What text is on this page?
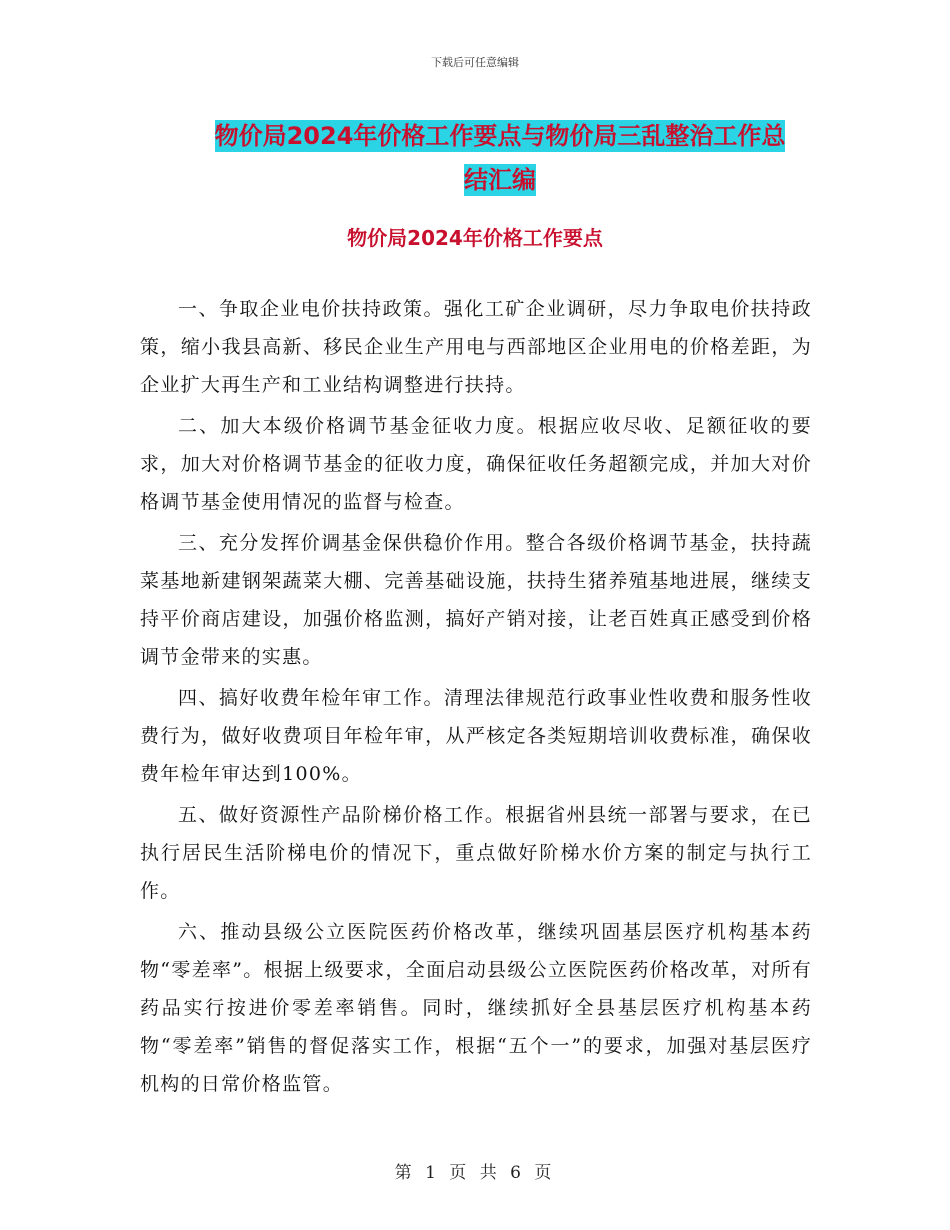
下载后可任意编辑
物价局2024年价格工作要点与物价局三乱整治工作总
结汇编
物价局2024年价格工作要点

一、争取企业电价扶持政策。强化工矿企业调研，尽力争取电价扶持政策，缩小我县高新、移民企业生产用电与西部地区企业用电的价格差距，为企业扩大再生产和工业结构调整进行扶持。

二、加大本级价格调节基金征收力度。根据应收尽收、足额征收的要求，加大对价格调节基金的征收力度，确保征收任务超额完成，并加大对价格调节基金使用情况的监督与检查。

三、充分发挥价调基金保供稳价作用。整合各级价格调节基金，扶持蔬菜基地新建钢架蔬菜大棚、完善基础设施，扶持生猪养殖基地进展，继续支持平价商店建设，加强价格监测，搞好产销对接，让老百姓真正感受到价格调节金带来的实惠。

四、搞好收费年检年审工作。清理法律规范行政事业性收费和服务性收费行为，做好收费项目年检年审，从严核定各类短期培训收费标准，确保收费年检年审达到100%。

五、做好资源性产品阶梯价格工作。根据省州县统一部署与要求，在已执行居民生活阶梯电价的情况下，重点做好阶梯水价方案的制定与执行工作。

六、推动县级公立医院医药价格改革，继续巩固基层医疗机构基本药物“零差率”。根据上级要求，全面启动县级公立医院医药价格改革，对所有药品实行按进价零差率销售。同时，继续抓好全县基层医疗机构基本药物“零差率”销售的督促落实工作，根据“五个一”的要求，加强对基层医疗机构的日常价格监管。

第 1 页 共 6 页
